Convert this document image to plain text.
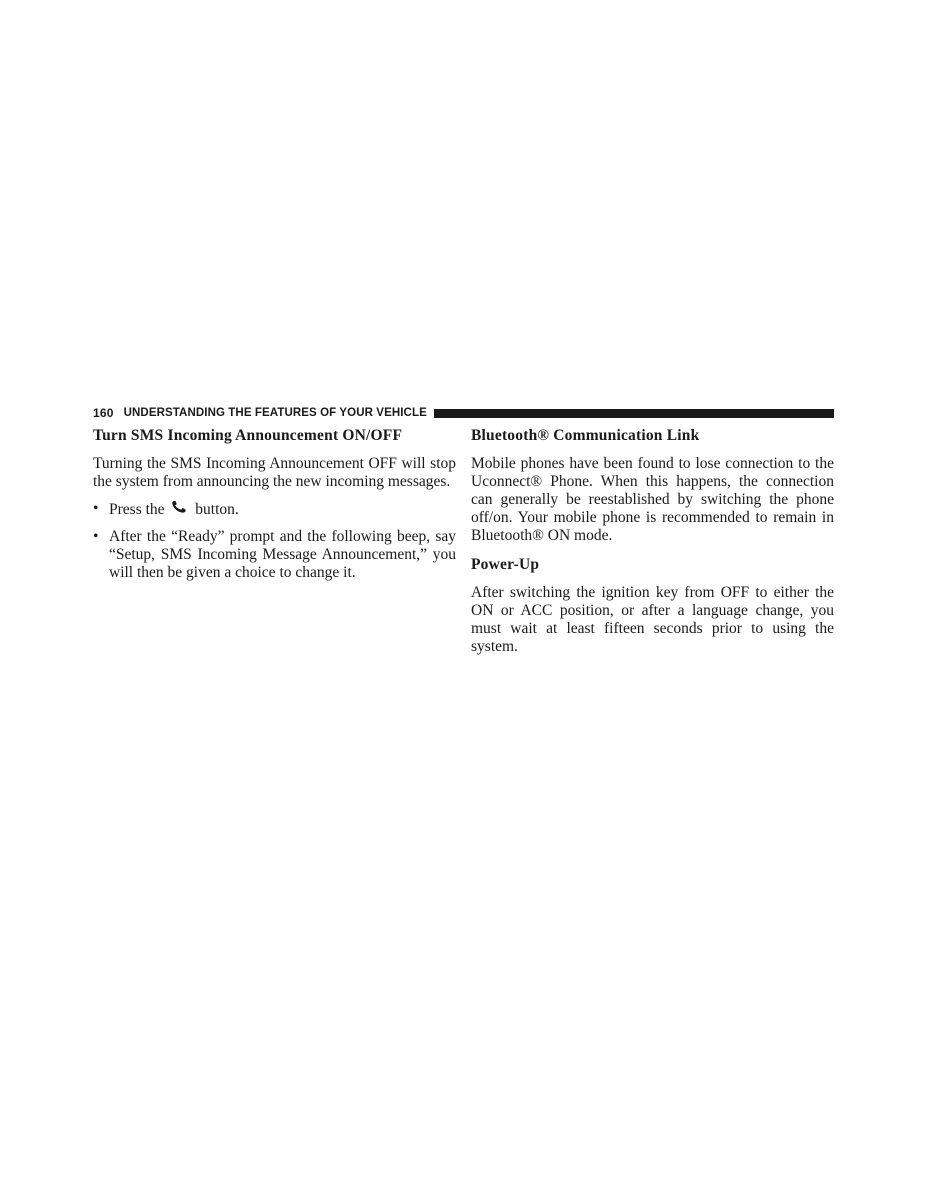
160 UNDERSTANDING THE FEATURES OF YOUR VEHICLE
Turn SMS Incoming Announcement ON/OFF

Turning the SMS Incoming Announcement OFF will stop the system from announcing the new incoming messages.

• Press the button.
• After the “Ready” prompt and the following beep, say “Setup, SMS Incoming Message Announcement,” you will then be given a choice to change it.
Bluetooth® Communication Link

Mobile phones have been found to lose connection to the Uconnect® Phone. When this happens, the connection can generally be reestablished by switching the phone off/on. Your mobile phone is recommended to remain in Bluetooth® ON mode.

Power-Up

After switching the ignition key from OFF to either the ON or ACC position, or after a language change, you must wait at least fifteen seconds prior to using the system.
